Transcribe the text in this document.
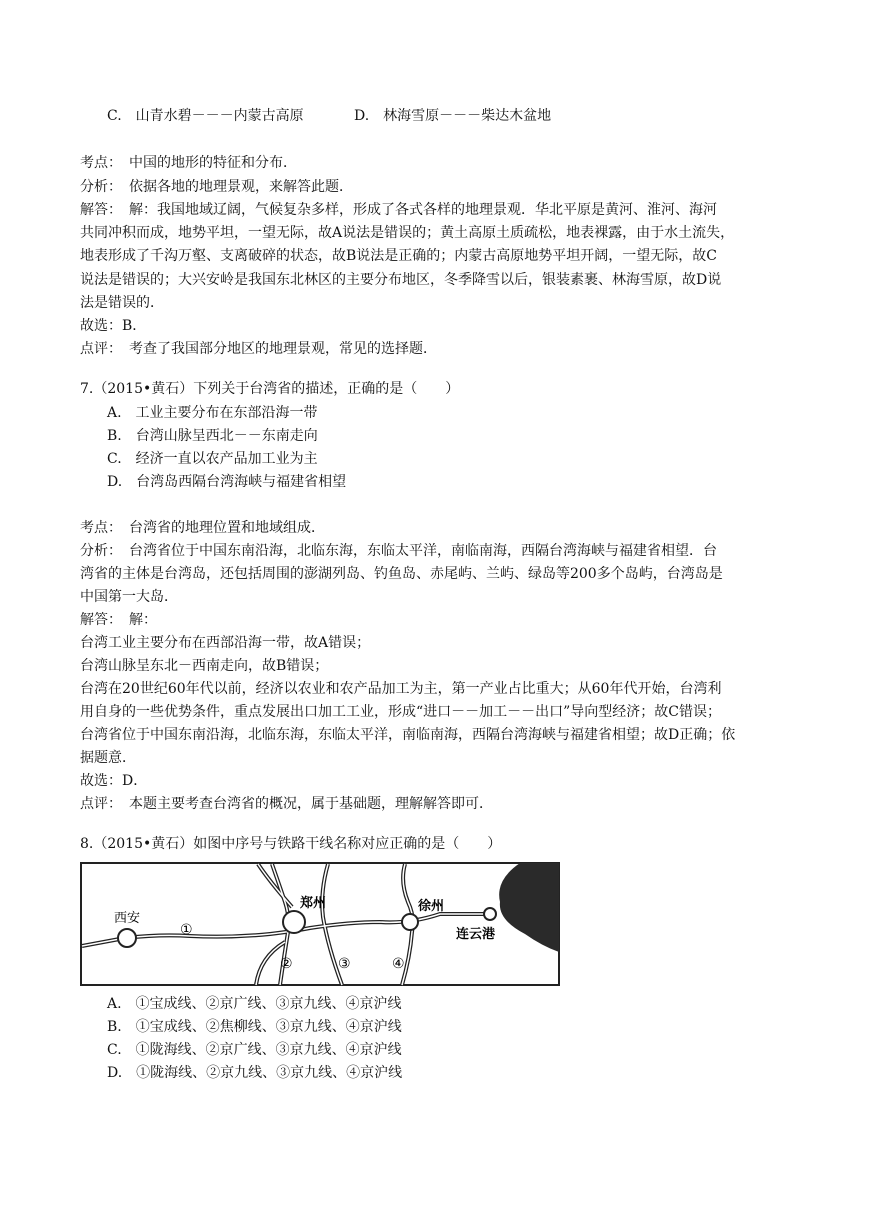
C.　山青水碧－－－内蒙古高原	D.　林海雪原－－－柴达木盆地
考点：　中国的地形的特征和分布．
分析：　依据各地的地理景观，来解答此题．
解答：　解：我国地域辽阔，气候复杂多样，形成了各式各样的地理景观．华北平原是黄河、淮河、海河
共同冲积而成，地势平坦，一望无际，故A说法是错误的；黄土高原土质疏松，地表裸露，由于水土流失，
地表形成了千沟万壑、支离破碎的状态，故B说法是正确的；内蒙古高原地势平坦开阔，一望无际，故C
说法是错误的；大兴安岭是我国东北林区的主要分布地区，冬季降雪以后，银装素裹、林海雪原，故D说
法是错误的．
故选：B．
点评：　考查了我国部分地区的地理景观，常见的选择题．
7.（2015•黄石）下列关于台湾省的描述，正确的是（　　）
A.　工业主要分布在东部沿海一带
B.　台湾山脉呈西北－－东南走向
C.　经济一直以农产品加工业为主
D.　台湾岛西隔台湾海峡与福建省相望
考点：　台湾省的地理位置和地域组成．
分析：　台湾省位于中国东南沿海，北临东海，东临太平洋，南临南海，西隔台湾海峡与福建省相望．台
湾省的主体是台湾岛，还包括周围的澎湖列岛、钓鱼岛、赤尾屿、兰屿、绿岛等200多个岛屿，台湾岛是
中国第一大岛．
解答：　解：
台湾工业主要分布在西部沿海一带，故A错误；
台湾山脉呈东北－西南走向，故B错误；
台湾在20世纪60年代以前，经济以农业和农产品加工为主，第一产业占比重大；从60年代开始，台湾利
用自身的一些优势条件，重点发展出口加工工业，形成“进口－－加工－－出口”导向型经济；故C错误；
台湾省位于中国东南沿海，北临东海，东临太平洋，南临南海，西隔台湾海峡与福建省相望；故D正确；依
据题意．
故选：D．
点评：　本题主要考查台湾省的概况，属于基础题，理解解答即可．
8.（2015•黄石）如图中序号与铁路干线名称对应正确的是（　　）
西安
郑州	徐州
连云港
①
②	③	④
A.　①宝成线、②京广线、③京九线、④京沪线
B.　①宝成线、②焦柳线、③京九线、④京沪线
C.　①陇海线、②京广线、③京九线、④京沪线
D.　①陇海线、②京九线、③京九线、④京沪线
